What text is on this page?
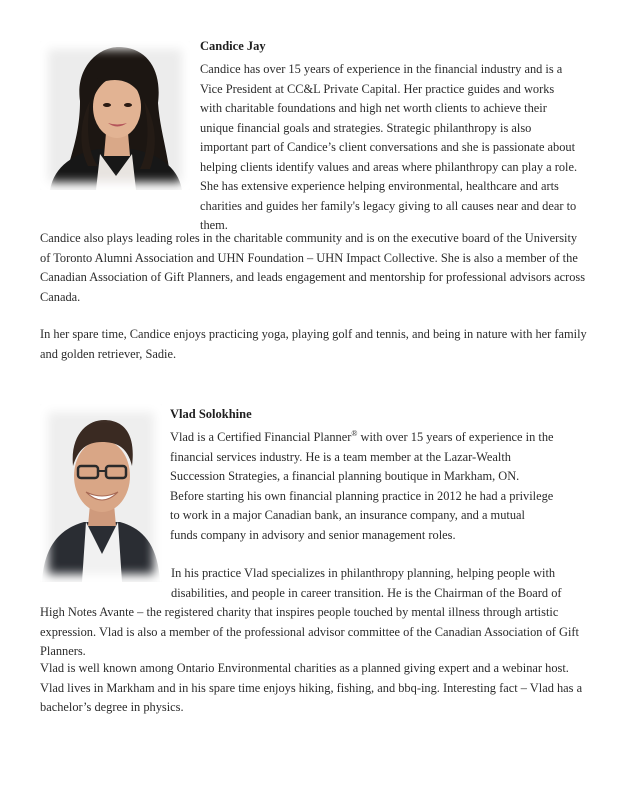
Candice Jay

Candice has over 15 years of experience in the financial industry and is a Vice President at CC&L Private Capital. Her practice guides and works with charitable foundations and high net worth clients to achieve their unique financial goals and strategies. Strategic philanthropy is also important part of Candice’s client conversations and she is passionate about helping clients identify values and areas where philanthropy can play a role. She has extensive experience helping environmental, healthcare and arts charities and guides her family's legacy giving to all causes near and dear to them.

Candice also plays leading roles in the charitable community and is on the executive board of the University of Toronto Alumni Association and UHN Foundation – UHN Impact Collective. She is also a member of the Canadian Association of Gift Planners, and leads engagement and mentorship for professional advisors across Canada.

In her spare time, Candice enjoys practicing yoga, playing golf and tennis, and being in nature with her family and golden retriever, Sadie.

Vlad Solokhine

Vlad is a Certified Financial Planner® with over 15 years of experience in the financial services industry. He is a team member at the Lazar-Wealth Succession Strategies, a financial planning boutique in Markham, ON. Before starting his own financial planning practice in 2012 he had a privilege to work in a major Canadian bank, an insurance company, and a mutual funds company in advisory and senior management roles.

In his practice Vlad specializes in philanthropy planning, helping people with disabilities, and people in career transition. He is the Chairman of the Board of High Notes Avante – the registered charity that inspires people touched by mental illness through artistic expression. Vlad is also a member of the professional advisor committee of the Canadian Association of Gift Planners.

Vlad is well known among Ontario Environmental charities as a planned giving expert and a webinar host. Vlad lives in Markham and in his spare time enjoys hiking, fishing, and bbq-ing. Interesting fact – Vlad has a bachelor’s degree in physics.
